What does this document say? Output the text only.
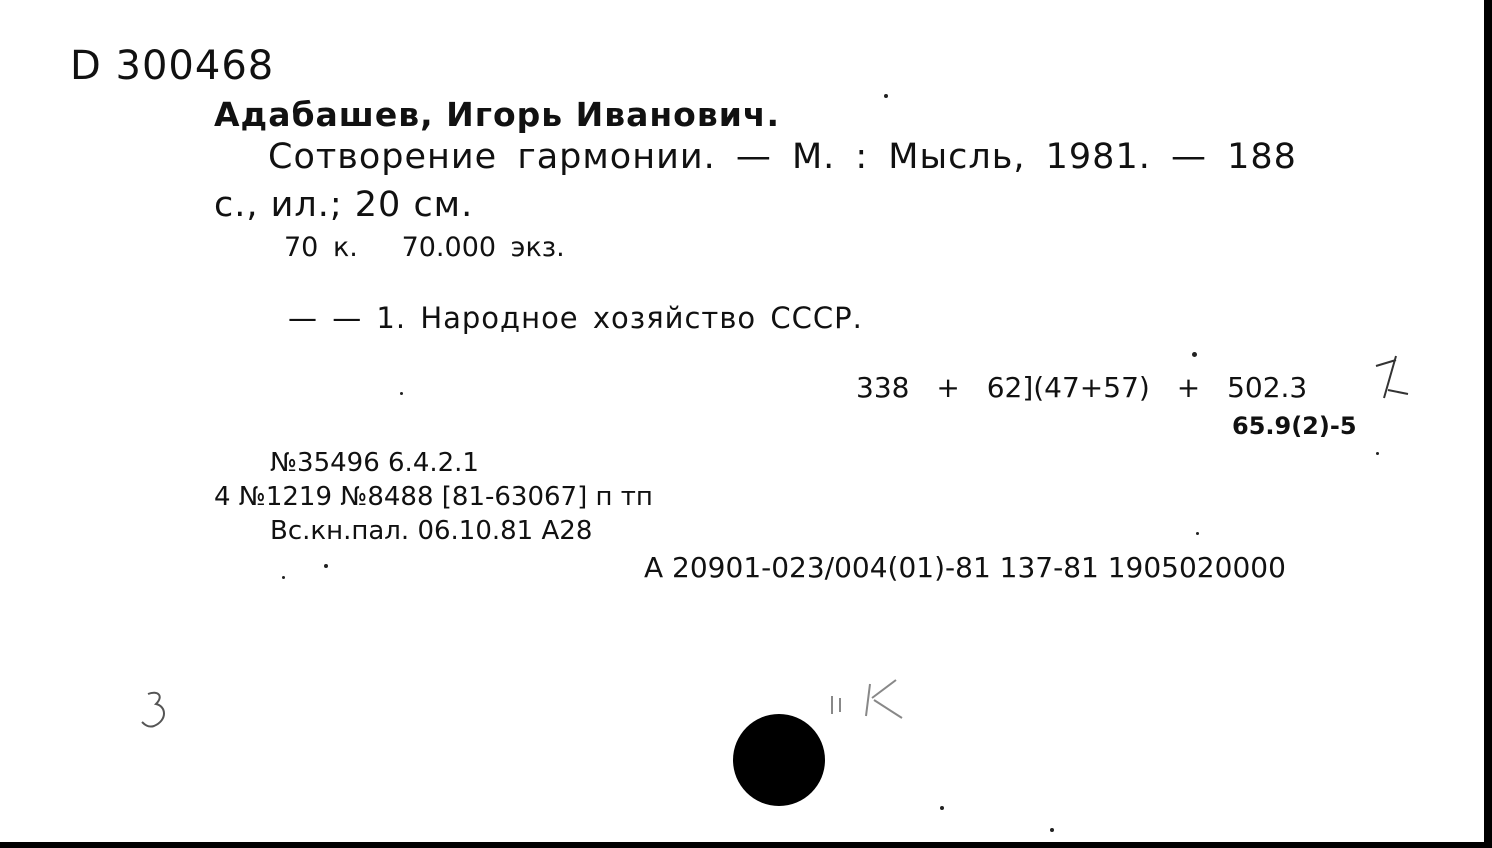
D 300468
Адабашев, Игорь Иванович.
Сотворение гармонии. — М. : Мысль, 1981. — 188
с., ил.; 20 см.
70 к.   70.000 экз.
— — 1. Народное хозяйство СССР.
338 + 62](47+57) + 502.3
65.9(2)-5
№35496 6.4.2.1
4 №1219 №8488 [81-63067] п тп
Вс.кн.пал. 06.10.81 А28
А 20901-023/004(01)-81 137-81 1905020000
